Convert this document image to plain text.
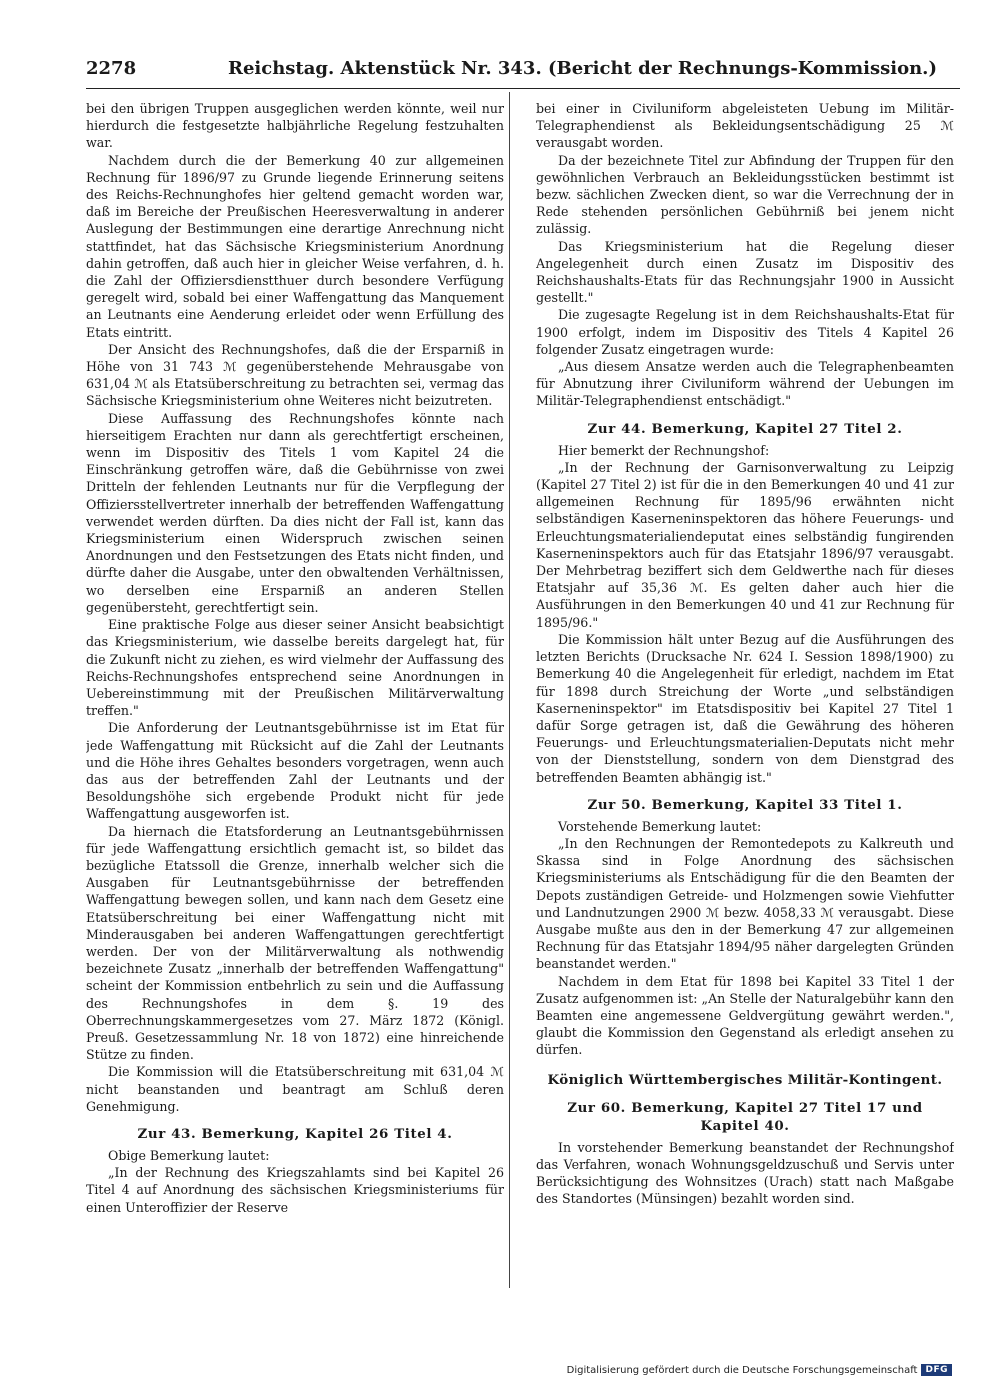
2278	Reichstag. Aktenstück Nr. 343. (Bericht der Rechnungs-Kommission.)

bei den übrigen Truppen ausgeglichen werden könnte, weil nur hierdurch die festgesetzte halbjährliche Regelung festzuhalten war.

Nachdem durch die der Bemerkung 40 zur allgemeinen Rechnung für 1896/97 zu Grunde liegende Erinnerung seitens des Reichs-Rechnunghofes hier geltend gemacht worden war, daß im Bereiche der Preußischen Heeresverwaltung in anderer Auslegung der Bestimmungen eine derartige Anrechnung nicht stattfindet, hat das Sächsische Kriegsministerium Anordnung dahin getroffen, daß auch hier in gleicher Weise verfahren, d. h. die Zahl der Offiziersdienstthuer durch besondere Verfügung geregelt wird, sobald bei einer Waffengattung das Manquement an Leutnants eine Aenderung erleidet oder wenn Erfüllung des Etats eintritt.

Der Ansicht des Rechnungshofes, daß die der Ersparniß in Höhe von 31 743 ℳ gegenüberstehende Mehrausgabe von 631,04 ℳ als Etatsüberschreitung zu betrachten sei, vermag das Sächsische Kriegsministerium ohne Weiteres nicht beizutreten.

Diese Auffassung des Rechnungshofes könnte nach hierseitigem Erachten nur dann als gerechtfertigt erscheinen, wenn im Dispositiv des Titels 1 vom Kapitel 24 die Einschränkung getroffen wäre, daß die Gebührnisse von zwei Dritteln der fehlenden Leutnants nur für die Verpflegung der Offiziersstellvertreter innerhalb der betreffenden Waffengattung verwendet werden dürften. Da dies nicht der Fall ist, kann das Kriegsministerium einen Widerspruch zwischen seinen Anordnungen und den Festsetzungen des Etats nicht finden, und dürfte daher die Ausgabe, unter den obwaltenden Verhältnissen, wo derselben eine Ersparniß an anderen Stellen gegenübersteht, gerechtfertigt sein.

Eine praktische Folge aus dieser seiner Ansicht beabsichtigt das Kriegsministerium, wie dasselbe bereits dargelegt hat, für die Zukunft nicht zu ziehen, es wird vielmehr der Auffassung des Reichs-Rechnungshofes entsprechend seine Anordnungen in Uebereinstimmung mit der Preußischen Militärverwaltung treffen."

Die Anforderung der Leutnantsgebührnisse ist im Etat für jede Waffengattung mit Rücksicht auf die Zahl der Leutnants und die Höhe ihres Gehaltes besonders vorgetragen, wenn auch das aus der betreffenden Zahl der Leutnants und der Besoldungshöhe sich ergebende Produkt nicht für jede Waffengattung ausgeworfen ist.

Da hiernach die Etatsforderung an Leutnantsgebührnissen für jede Waffengattung ersichtlich gemacht ist, so bildet das bezügliche Etatssoll die Grenze, innerhalb welcher sich die Ausgaben für Leutnantsgebührnisse der betreffenden Waffengattung bewegen sollen, und kann nach dem Gesetz eine Etatsüberschreitung bei einer Waffengattung nicht mit Minderausgaben bei anderen Waffengattungen gerechtfertigt werden. Der von der Militärverwaltung als nothwendig bezeichnete Zusatz „innerhalb der betreffenden Waffengattung" scheint der Kommission entbehrlich zu sein und die Auffassung des Rechnungshofes in dem §. 19 des Oberrechnungskammergesetzes vom 27. März 1872 (Königl. Preuß. Gesetzessammlung Nr. 18 von 1872) eine hinreichende Stütze zu finden.

Die Kommission will die Etatsüberschreitung mit 631,04 ℳ nicht beanstanden und beantragt am Schluß deren Genehmigung.

Zur 43. Bemerkung, Kapitel 26 Titel 4.

Obige Bemerkung lautet:

„In der Rechnung des Kriegszahlamts sind bei Kapitel 26 Titel 4 auf Anordnung des sächsischen Kriegsministeriums für einen Unteroffizier der Reserve

bei einer in Civiluniform abgeleisteten Uebung im Militär-Telegraphendienst als Bekleidungsentschädigung 25 ℳ verausgabt worden.

Da der bezeichnete Titel zur Abfindung der Truppen für den gewöhnlichen Verbrauch an Bekleidungsstücken bestimmt ist bezw. sächlichen Zwecken dient, so war die Verrechnung der in Rede stehenden persönlichen Gebührniß bei jenem nicht zulässig.

Das Kriegsministerium hat die Regelung dieser Angelegenheit durch einen Zusatz im Dispositiv des Reichshaushalts-Etats für das Rechnungsjahr 1900 in Aussicht gestellt."

Die zugesagte Regelung ist in dem Reichshaushalts-Etat für 1900 erfolgt, indem im Dispositiv des Titels 4 Kapitel 26 folgender Zusatz eingetragen wurde:

„Aus diesem Ansatze werden auch die Telegraphenbeamten für Abnutzung ihrer Civiluniform während der Uebungen im Militär-Telegraphendienst entschädigt."

Zur 44. Bemerkung, Kapitel 27 Titel 2.

Hier bemerkt der Rechnungshof:

„In der Rechnung der Garnisonverwaltung zu Leipzig (Kapitel 27 Titel 2) ist für die in den Bemerkungen 40 und 41 zur allgemeinen Rechnung für 1895/96 erwähnten nicht selbständigen Kaserneninspektoren das höhere Feuerungs- und Erleuchtungsmaterialiendeputat eines selbständig fungirenden Kaserneninspektors auch für das Etatsjahr 1896/97 verausgabt. Der Mehrbetrag beziffert sich dem Geldwerthe nach für dieses Etatsjahr auf 35,36 ℳ. Es gelten daher auch hier die Ausführungen in den Bemerkungen 40 und 41 zur Rechnung für 1895/96."

Die Kommission hält unter Bezug auf die Ausführungen des letzten Berichts (Drucksache Nr. 624 I. Session 1898/1900) zu Bemerkung 40 die Angelegenheit für erledigt, nachdem im Etat für 1898 durch Streichung der Worte „und selbständigen Kaserneninspektor" im Etatsdispositiv bei Kapitel 27 Titel 1 dafür Sorge getragen ist, daß die Gewährung des höheren Feuerungs- und Erleuchtungsmaterialien-Deputats nicht mehr von der Dienststellung, sondern von dem Dienstgrad des betreffenden Beamten abhängig ist."

Zur 50. Bemerkung, Kapitel 33 Titel 1.

Vorstehende Bemerkung lautet:

„In den Rechnungen der Remontedepots zu Kalkreuth und Skassa sind in Folge Anordnung des sächsischen Kriegsministeriums als Entschädigung für die den Beamten der Depots zuständigen Getreide- und Holzmengen sowie Viehfutter und Landnutzungen 2900 ℳ bezw. 4058,33 ℳ verausgabt. Diese Ausgabe mußte aus den in der Bemerkung 47 zur allgemeinen Rechnung für das Etatsjahr 1894/95 näher dargelegten Gründen beanstandet werden."

Nachdem in dem Etat für 1898 bei Kapitel 33 Titel 1 der Zusatz aufgenommen ist: „An Stelle der Naturalgebühr kann den Beamten eine angemessene Geldvergütung gewährt werden.", glaubt die Kommission den Gegenstand als erledigt ansehen zu dürfen.

Königlich Württembergisches Militär-Kontingent.
Zur 60. Bemerkung, Kapitel 27 Titel 17 und Kapitel 40.

In vorstehender Bemerkung beanstandet der Rechnungshof das Verfahren, wonach Wohnungsgeldzuschuß und Servis unter Berücksichtigung des Wohnsitzes (Urach) statt nach Maßgabe des Standortes (Münsingen) bezahlt worden sind.

Digitalisierung gefördert durch die Deutsche Forschungsgemeinschaft DFG
